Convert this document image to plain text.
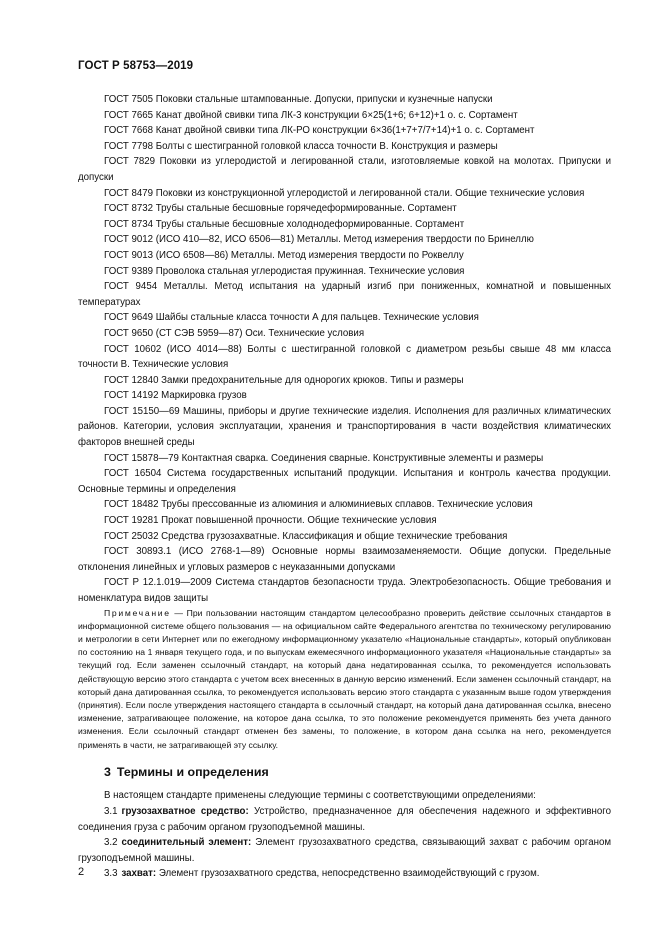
ГОСТ Р 58753—2019

ГОСТ 7505 Поковки стальные штампованные. Допуски, припуски и кузнечные напуски

ГОСТ 7665 Канат двойной свивки типа ЛК-3 конструкции 6×25(1+6; 6+12)+1 о. с. Сортамент

ГОСТ 7668 Канат двойной свивки типа ЛК-РО конструкции 6×36(1+7+7/7+14)+1 о. с. Сортамент

ГОСТ 7798 Болты с шестигранной головкой класса точности В. Конструкция и размеры

ГОСТ 7829 Поковки из углеродистой и легированной стали, изготовляемые ковкой на молотах. Припуски и допуски

ГОСТ 8479 Поковки из конструкционной углеродистой и легированной стали. Общие технические условия

ГОСТ 8732 Трубы стальные бесшовные горячедеформированные. Сортамент

ГОСТ 8734 Трубы стальные бесшовные холоднодеформированные. Сортамент

ГОСТ 9012 (ИСО 410—82, ИСО 6506—81) Металлы. Метод измерения твердости по Бринеллю

ГОСТ 9013 (ИСО 6508—86) Металлы. Метод измерения твердости по Роквеллу

ГОСТ 9389 Проволока стальная углеродистая пружинная. Технические условия

ГОСТ 9454 Металлы. Метод испытания на ударный изгиб при пониженных, комнатной и повышенных температурах

ГОСТ 9649 Шайбы стальные класса точности А для пальцев. Технические условия

ГОСТ 9650 (СТ СЭВ 5959—87) Оси. Технические условия

ГОСТ 10602 (ИСО 4014—88) Болты с шестигранной головкой с диаметром резьбы свыше 48 мм класса точности В. Технические условия

ГОСТ 12840 Замки предохранительные для однорогих крюков. Типы и размеры

ГОСТ 14192 Маркировка грузов

ГОСТ 15150—69 Машины, приборы и другие технические изделия. Исполнения для различных климатических районов. Категории, условия эксплуатации, хранения и транспортирования в части воздействия климатических факторов внешней среды

ГОСТ 15878—79 Контактная сварка. Соединения сварные. Конструктивные элементы и размеры

ГОСТ 16504 Система государственных испытаний продукции. Испытания и контроль качества продукции. Основные термины и определения

ГОСТ 18482 Трубы прессованные из алюминия и алюминиевых сплавов. Технические условия

ГОСТ 19281 Прокат повышенной прочности. Общие технические условия

ГОСТ 25032 Средства грузозахватные. Классификация и общие технические требования

ГОСТ 30893.1 (ИСО 2768-1—89) Основные нормы взаимозаменяемости. Общие допуски. Предельные отклонения линейных и угловых размеров с неуказанными допусками

ГОСТ Р 12.1.019—2009 Система стандартов безопасности труда. Электробезопасность. Общие требования и номенклатура видов защиты

Примечание — При пользовании настоящим стандартом целесообразно проверить действие ссылочных стандартов в информационной системе общего пользования — на официальном сайте Федерального агентства по техническому регулированию и метрологии в сети Интернет или по ежегодному информационному указателю «Национальные стандарты», который опубликован по состоянию на 1 января текущего года, и по выпускам ежемесячного информационного указателя «Национальные стандарты» за текущий год. Если заменен ссылочный стандарт, на который дана недатированная ссылка, то рекомендуется использовать действующую версию этого стандарта с учетом всех внесенных в данную версию изменений. Если заменен ссылочный стандарт, на который дана датированная ссылка, то рекомендуется использовать версию этого стандарта с указанным выше годом утверждения (принятия). Если после утверждения настоящего стандарта в ссылочный стандарт, на который дана датированная ссылка, внесено изменение, затрагивающее положение, на которое дана ссылка, то это положение рекомендуется применять без учета данного изменения. Если ссылочный стандарт отменен без замены, то положение, в котором дана ссылка на него, рекомендуется применять в части, не затрагивающей эту ссылку.

3 Термины и определения

В настоящем стандарте применены следующие термины с соответствующими определениями:

3.1 грузозахватное средство: Устройство, предназначенное для обеспечения надежного и эффективного соединения груза с рабочим органом грузоподъемной машины.

3.2 соединительный элемент: Элемент грузозахватного средства, связывающий захват с рабочим органом грузоподъемной машины.

3.3 захват: Элемент грузозахватного средства, непосредственно взаимодействующий с грузом.

2
